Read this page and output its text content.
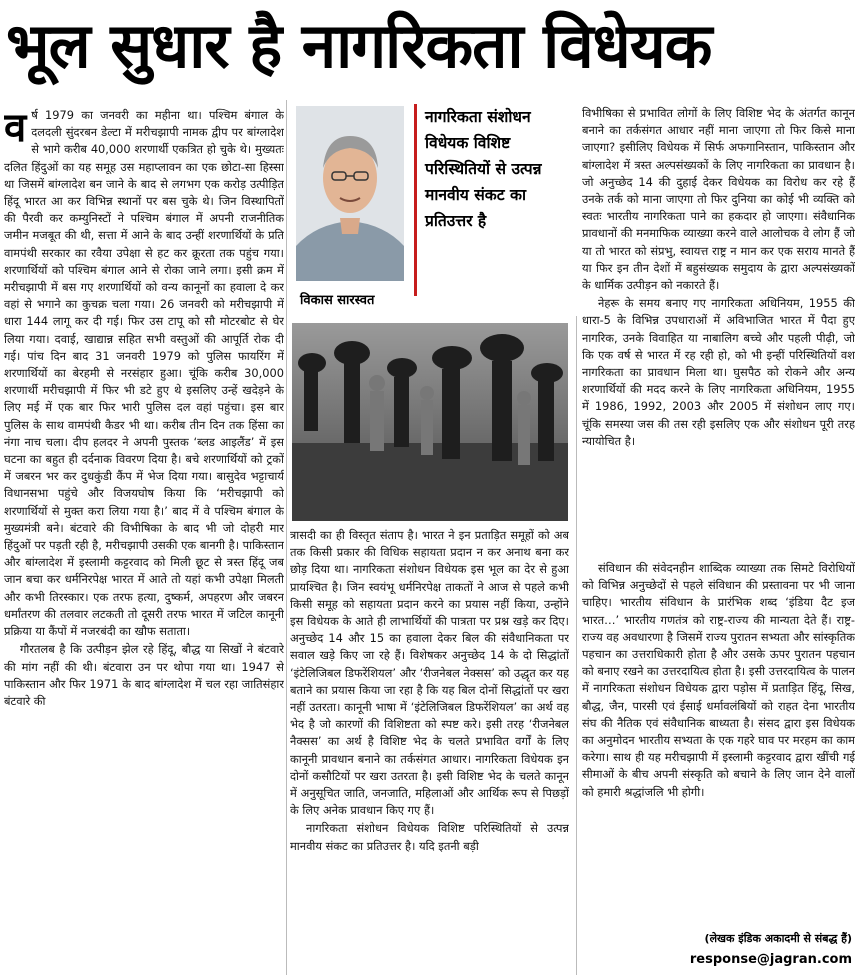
भूल सुधार है नागरिकता विधेयक

वर्ष 1979 का जनवरी का महीना था। पश्चिम बंगाल के दलदली सुंदरबन डेल्टा में मरीचझापी नामक द्वीप पर बांग्लादेश से भागे करीब 40,000 शरणार्थी एकत्रित हो चुके थे। मुख्यतः दलित हिंदुओं का यह समूह उस महाप्लावन का एक छोटा-सा हिस्सा था जिसमें बांग्लादेश बन जाने के बाद से लगभग एक करोड़ उत्पीड़ित हिंदू भारत आ कर विभिन्न स्थानों पर बस चुके थे। जिन विस्थापितों की पैरवी कर कम्युनिस्टों ने पश्चिम बंगाल में अपनी राजनीतिक जमीन मजबूत की थी, सत्ता में आने के बाद उन्हीं शरणार्थियों के प्रति वामपंथी सरकार का रवैया उपेक्षा से हट कर क्रूरता तक पहुंच गया। शरणार्थियों को पश्चिम बंगाल आने से रोका जाने लगा। इसी क्रम में मरीचझापी में बस गए शरणार्थियों को वन्य कानूनों का हवाला दे कर वहां से भगाने का कुचक्र चला गया। 26 जनवरी को मरीचझापी में धारा 144 लागू कर दी गई। फिर उस टापू को सौ मोटरबोट से घेर लिया गया। दवाई, खाद्यान्न सहित सभी वस्तुओं की आपूर्ति रोक दी गई। पांच दिन बाद 31 जनवरी 1979 को पुलिस फायरिंग में शरणार्थियों का बेरहमी से नरसंहार हुआ। चूंकि करीब 30,000 शरणार्थी मरीचझापी में फिर भी डटे हुए थे इसलिए उन्हें खदेड़ने के लिए मई में एक बार फिर भारी पुलिस दल वहां पहुंचा। इस बार पुलिस के साथ वामपंथी कैडर भी था। करीब तीन दिन तक हिंसा का नंगा नाच चला। दीप हलदर ने अपनी पुस्तक ‘ब्लड आइलैंड’ में इस घटना का बहुत ही दर्दनाक विवरण दिया है। बचे शरणार्थियों को ट्रकों में जबरन भर कर दुधकुंडी कैंप में भेज दिया गया। बासुदेव भट्टाचार्य विधानसभा पहुंचे और विजयघोष किया कि ‘मरीचझापी को शरणार्थियों से मुक्त करा लिया गया है।’ बाद में वे पश्चिम बंगाल के मुख्यमंत्री बने। बंटवारे की विभीषिका के बाद भी जो दोहरी मार हिंदुओं पर पड़ती रही है, मरीचझापी उसकी एक बानगी है। पाकिस्तान और बांग्लादेश में इस्लामी कट्टरवाद को मिली छूट से त्रस्त हिंदू जब जान बचा कर धर्मनिरपेक्ष भारत में आते तो यहां कभी उपेक्षा मिलती और कभी तिरस्कार। एक तरफ हत्या, दुष्कर्म, अपहरण और जबरन धर्मांतरण की तलवार लटकती तो दूसरी तरफ भारत में जटिल कानूनी प्रक्रिया या कैंपों में नजरबंदी का खौफ सताता।

गौरतलब है कि उत्पीड़न झेल रहे हिंदू, बौद्ध या सिखों ने बंटवारे की मांग नहीं की थी। बंटवारा उन पर थोपा गया था। 1947 से पाकिस्तान और फिर 1971 के बाद बांग्लादेश में चल रहा जातिसंहार बंटवारे की

विकास सारस्वत
नागरिकता संशोधन विधेयक विशिष्ट परिस्थितियों से उत्पन्न मानवीय संकट का प्रतिउत्तर है

त्रासदी का ही विस्तृत संताप है। भारत ने इन प्रताड़ित समूहों को अब तक किसी प्रकार की विधिक सहायता प्रदान न कर अनाथ बना कर छोड़ दिया था। नागरिकता संशोधन विधेयक इस भूल का देर से हुआ प्रायश्चित है। जिन स्वयंभू धर्मनिरपेक्ष ताकतों ने आज से पहले कभी किसी समूह को सहायता प्रदान करने का प्रयास नहीं किया, उन्होंने इस विधेयक के आते ही लाभार्थियों की पात्रता पर प्रश्न खड़े कर दिए। अनुच्छेद 14 और 15 का हवाला देकर बिल की संवैधानिकता पर सवाल खड़े किए जा रहे हैं। विशेषकर अनुच्छेद 14 के दो सिद्धांतों ‘इंटेलिजिबल डिफरेंशियल’ और ‘रीजनेबल नेक्सस’ को उद्धृत कर यह बताने का प्रयास किया जा रहा है कि यह बिल दोनों सिद्धांतों पर खरा नहीं उतरता। कानूनी भाषा में ‘इंटेलिजिबल डिफरेंशियल’ का अर्थ वह भेद है जो कारणों की विशिष्टता को स्पष्ट करे। इसी तरह ‘रीजनेबल नैक्सस’ का अर्थ है विशिष्ट भेद के चलते प्रभावित वर्गों के लिए कानूनी प्रावधान बनाने का तर्कसंगत आधार। नागरिकता विधेयक इन दोनों कसौटियों पर खरा उतरता है। इसी विशिष्ट भेद के चलते कानून में अनुसूचित जाति, जनजाति, महिलाओं और आर्थिक रूप से पिछड़ों के लिए अनेक प्रावधान किए गए हैं।

नागरिकता संशोधन विधेयक विशिष्ट परिस्थितियों से उत्पन्न मानवीय संकट का प्रतिउत्तर है। यदि इतनी बड़ी

विभीषिका से प्रभावित लोगों के लिए विशिष्ट भेद के अंतर्गत कानून बनाने का तर्कसंगत आधार नहीं माना जाएगा तो फिर किसे माना जाएगा? इसीलिए विधेयक में सिर्फ अफगानिस्तान, पाकिस्तान और बांग्लादेश में त्रस्त अल्पसंख्यकों के लिए नागरिकता का प्रावधान है। जो अनुच्छेद 14 की दुहाई देकर विधेयक का विरोध कर रहे हैं उनके तर्क को माना जाएगा तो फिर दुनिया का कोई भी व्यक्ति को स्वतः भारतीय नागरिकता पाने का हकदार हो जाएगा। संवैधानिक प्रावधानों की मनमाफिक व्याख्या करने वाले आलोचक वे लोग हैं जो या तो भारत को संप्रभु, स्वायत्त राष्ट्र न मान कर एक सराय मानते हैं या फिर इन तीन देशों में बहुसंख्यक समुदाय के द्वारा अल्पसंख्यकों के धार्मिक उत्पीड़न को नकारते हैं।

नेहरू के समय बनाए गए नागरिकता अधिनियम, 1955 की धारा-5 के विभिन्न उपधाराओं में अविभाजित भारत में पैदा हुए नागरिक, उनके विवाहित या नाबालिग बच्चे और पहली पीढ़ी, जो कि एक वर्ष से भारत में रह रही हो, को भी इन्हीं परिस्थितियों वश नागरिकता का प्रावधान मिला था। घुसपैठ को रोकने और अन्य शरणार्थियों की मदद करने के लिए नागरिकता अधिनियम, 1955 में 1986, 1992, 2003 और 2005 में संशोधन लाए गए। चूंकि समस्या जस की तस रही इसलिए एक और संशोधन पूरी तरह न्यायोचित है।

संविधान की संवेदनहीन शाब्दिक व्याख्या तक सिमटे विरोधियों को विभिन्न अनुच्छेदों से पहले संविधान की प्रस्तावना पर भी जाना चाहिए। भारतीय संविधान के प्रारंभिक शब्द ‘इंडिया दैट इज भारत…’ भारतीय गणतंत्र को राष्ट्र-राज्य की मान्यता देते हैं। राष्ट्र-राज्य वह अवधारणा है जिसमें राज्य पुरातन सभ्यता और सांस्कृतिक पहचान का उत्तराधिकारी होता है और उसके ऊपर पुरातन पहचान को बनाए रखने का उत्तरदायित्व होता है। इसी उत्तरदायित्व के पालन में नागरिकता संशोधन विधेयक द्वारा पड़ोस में प्रताड़ित हिंदू, सिख, बौद्ध, जैन, पारसी एवं ईसाई धर्मावलंबियों को राहत देना भारतीय संघ की नैतिक एवं संवैधानिक बाध्यता है। संसद द्वारा इस विधेयक का अनुमोदन भारतीय सभ्यता के एक गहरे घाव पर मरहम का काम करेगा। साथ ही यह मरीचझापी में इस्लामी कट्टरवाद द्वारा खींची गई सीमाओं के बीच अपनी संस्कृति को बचाने के लिए जान देने वालों को हमारी श्रद्धांजलि भी होगी।

(लेखक इंडिक अकादमी से संबद्ध हैं)
response@jagran.com
